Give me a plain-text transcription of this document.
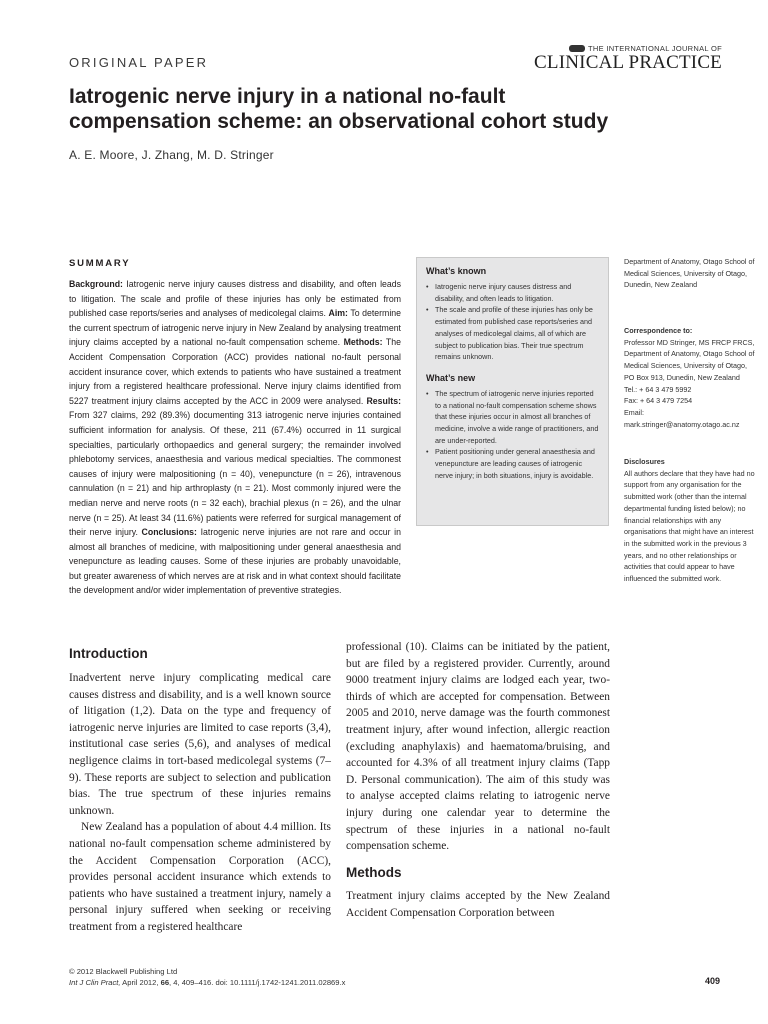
ORIGINAL PAPER
THE INTERNATIONAL JOURNAL OF
CLINICAL PRACTICE
Iatrogenic nerve injury in a national no-fault compensation scheme: an observational cohort study
A. E. Moore, J. Zhang, M. D. Stringer
SUMMARY
Background: Iatrogenic nerve injury causes distress and disability, and often leads to litigation. The scale and profile of these injuries has only be estimated from published case reports/series and analyses of medicolegal claims. Aim: To determine the current spectrum of iatrogenic nerve injury in New Zealand by analysing treatment injury claims accepted by a national no-fault compensation scheme. Methods: The Accident Compensation Corporation (ACC) provides national no-fault personal accident insurance cover, which extends to patients who have sustained a treatment injury from a registered healthcare professional. Nerve injury claims identified from 5227 treatment injury claims accepted by the ACC in 2009 were analysed. Results: From 327 claims, 292 (89.3%) documenting 313 iatrogenic nerve injuries contained sufficient information for analysis. Of these, 211 (67.4%) occurred in 11 surgical specialties, particularly orthopaedics and general surgery; the remainder involved phlebotomy services, anaesthesia and various medical specialties. The commonest causes of injury were malpositioning (n = 40), venepuncture (n = 26), intravenous cannulation (n = 21) and hip arthroplasty (n = 21). Most commonly injured were the median nerve and nerve roots (n = 32 each), brachial plexus (n = 26), and the ulnar nerve (n = 25). At least 34 (11.6%) patients were referred for surgical management of their nerve injury. Conclusions: Iatrogenic nerve injuries are not rare and occur in almost all branches of medicine, with malpositioning under general anaesthesia and venepuncture as leading causes. Some of these injuries are probably unavoidable, but greater awareness of which nerves are at risk and in what context should facilitate the development and/or wider implementation of preventive strategies.
What’s known
• Iatrogenic nerve injury causes distress and disability, and often leads to litigation.
• The scale and profile of these injuries has only be estimated from published case reports/series and analyses of medicolegal claims, all of which are subject to publication bias. Their true spectrum remains unknown.
What’s new
• The spectrum of iatrogenic nerve injuries reported to a national no-fault compensation scheme shows that these injuries occur in almost all branches of medicine, involve a wide range of practitioners, and are under-reported.
• Patient positioning under general anaesthesia and venepuncture are leading causes of iatrogenic nerve injury; in both situations, injury is avoidable.
Department of Anatomy, Otago School of Medical Sciences, University of Otago, Dunedin, New Zealand
Correspondence to:
Professor MD Stringer, MS FRCP FRCS, Department of Anatomy, Otago School of Medical Sciences, University of Otago, PO Box 913, Dunedin, New Zealand
Tel.: + 64 3 479 5992
Fax: + 64 3 479 7254
Email: mark.stringer@anatomy.otago.ac.nz
Disclosures
All authors declare that they have had no support from any organisation for the submitted work (other than the internal departmental funding listed below); no financial relationships with any organisations that might have an interest in the submitted work in the previous 3 years, and no other relationships or activities that could appear to have influenced the submitted work.
Introduction

Inadvertent nerve injury complicating medical care causes distress and disability, and is a well known source of litigation (1,2). Data on the type and frequency of iatrogenic nerve injuries are limited to case reports (3,4), institutional case series (5,6), and analyses of medical negligence claims in tort-based medicolegal systems (7–9). These reports are subject to selection and publication bias. The true spectrum of these injuries remains unknown.

New Zealand has a population of about 4.4 million. Its national no-fault compensation scheme administered by the Accident Compensation Corporation (ACC), provides personal accident insurance which extends to patients who have sustained a treatment injury, namely a personal injury suffered when seeking or receiving treatment from a registered healthcare

professional (10). Claims can be initiated by the patient, but are filed by a registered provider. Currently, around 9000 treatment injury claims are lodged each year, two-thirds of which are accepted for compensation. Between 2005 and 2010, nerve damage was the fourth commonest treatment injury, after wound infection, allergic reaction (excluding anaphylaxis) and haematoma/bruising, and accounted for 4.3% of all treatment injury claims (Tapp D. Personal communication). The aim of this study was to analyse accepted claims relating to iatrogenic nerve injury during one calendar year to determine the spectrum of these injuries in a national no-fault compensation scheme.

Methods

Treatment injury claims accepted by the New Zealand Accident Compensation Corporation between

© 2012 Blackwell Publishing Ltd
Int J Clin Pract, April 2012, 66, 4, 409–416. doi: 10.1111/j.1742-1241.2011.02869.x	409
